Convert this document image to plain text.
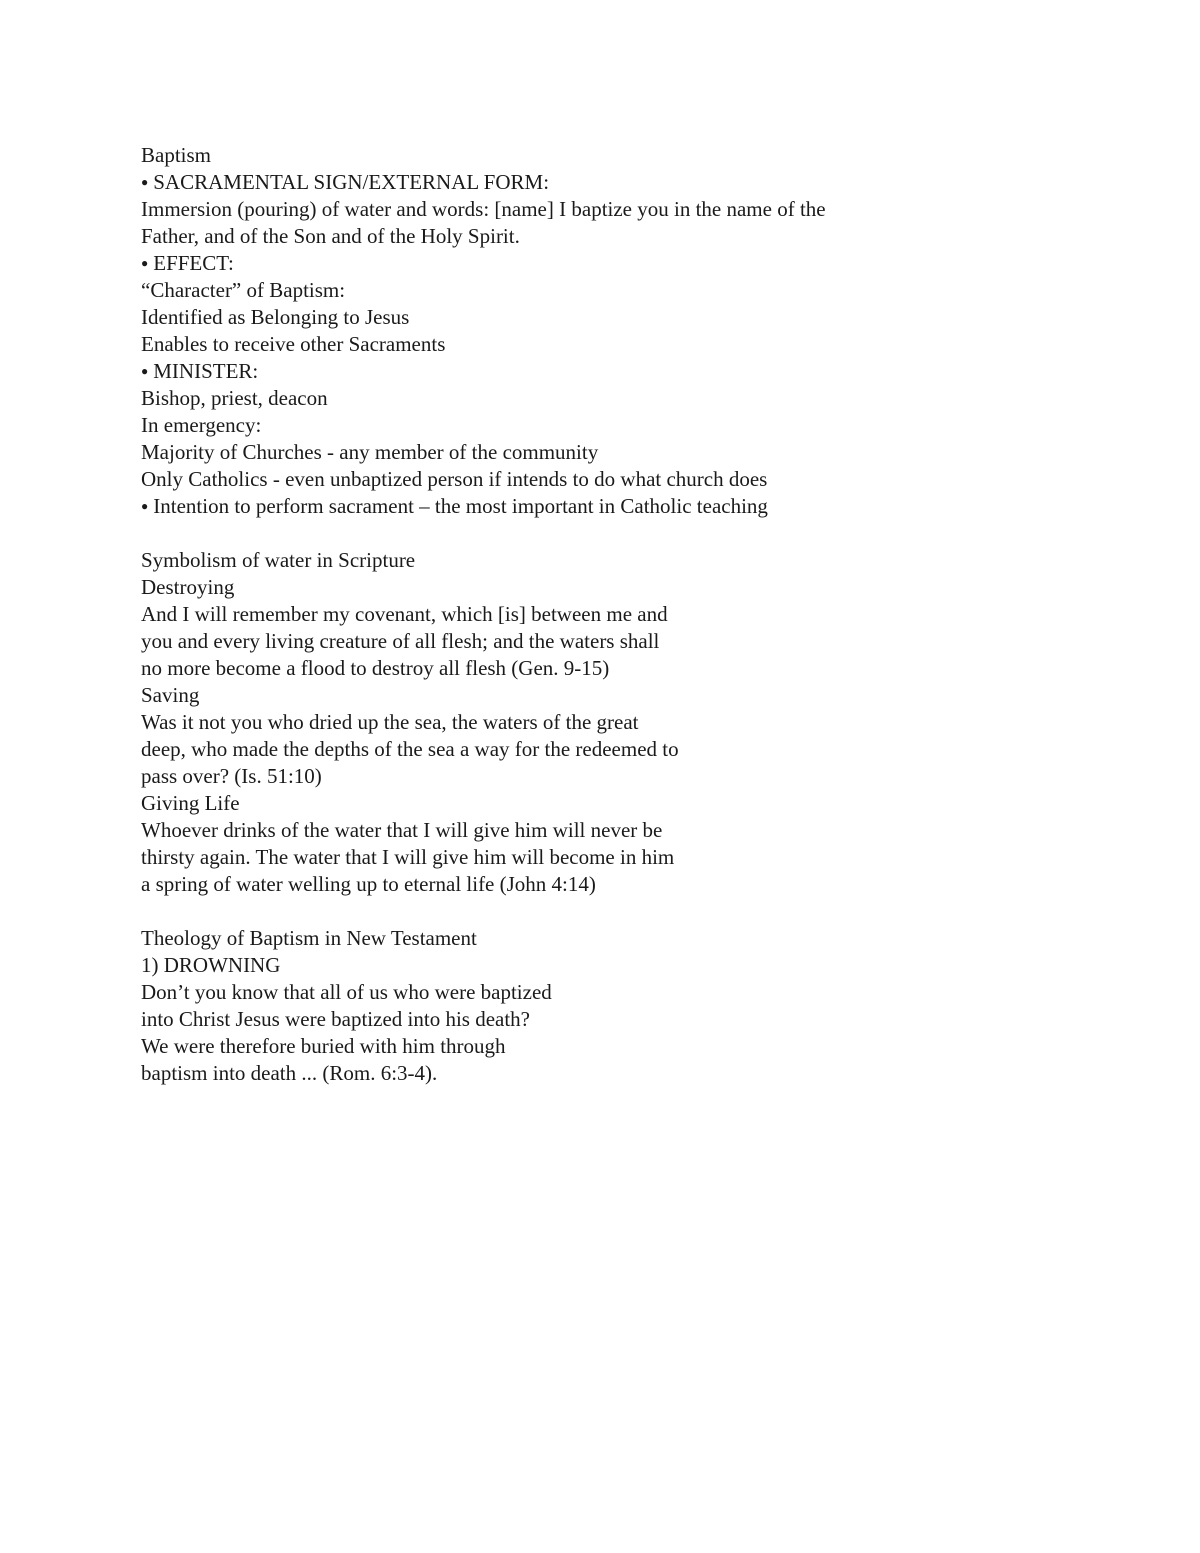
Baptism
● SACRAMENTAL SIGN/EXTERNAL FORM:
Immersion (pouring) of water and words: [name] I baptize you in the name of the
Father, and of the Son and of the Holy Spirit.
● EFFECT:
“Character” of Baptism:
Identified as Belonging to Jesus
Enables to receive other Sacraments
● MINISTER:
Bishop, priest, deacon
In emergency:
Majority of Churches - any member of the community
Only Catholics - even unbaptized person if intends to do what church does
● Intention to perform sacrament – the most important in Catholic teaching
Symbolism of water in Scripture
Destroying
And I will remember my covenant, which [is] between me and
you and every living creature of all flesh; and the waters shall
no more become a flood to destroy all flesh (Gen. 9-15)
Saving
Was it not you who dried up the sea, the waters of the great
deep, who made the depths of the sea a way for the redeemed to
pass over? (Is. 51:10)
Giving Life
Whoever drinks of the water that I will give him will never be
thirsty again. The water that I will give him will become in him
a spring of water welling up to eternal life (John 4:14)
Theology of Baptism in New Testament
1) DROWNING
Don’t you know that all of us who were baptized
into Christ Jesus were baptized into his death?
We were therefore buried with him through
baptism into death ... (Rom. 6:3-4).
